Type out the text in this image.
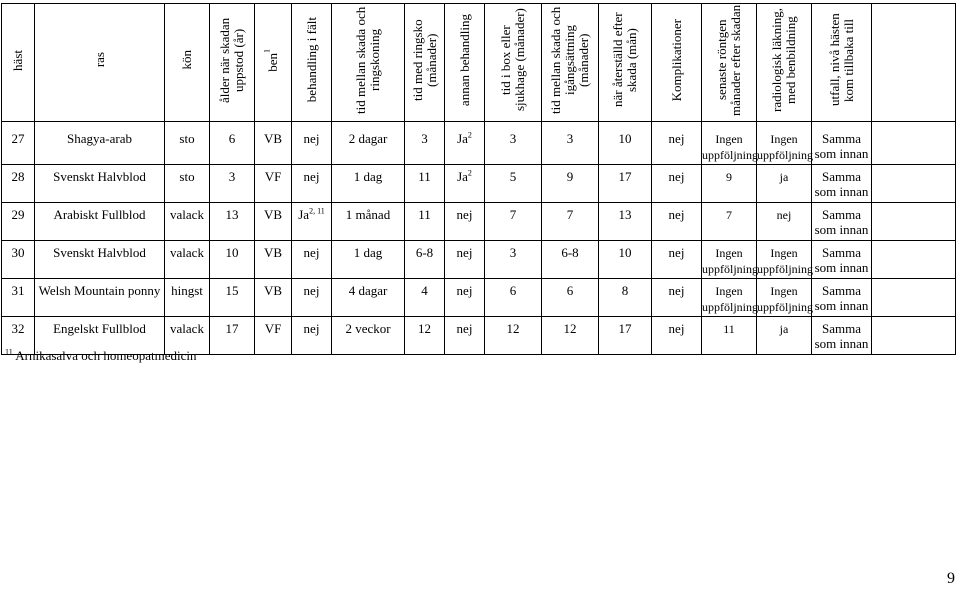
häst	ras	kön	ålder när skadan uppstod (år)	ben$^1$	behandling i fält	tid mellan skada och ringskoning	tid med ringsko (månader)	annan behandling	tid i box eller sjukhage (månader)	tid mellan skada och igångsättning (månader)	när återställd efter skada (mån)	Komplikationer	senaste röntgen månader efter skadan	radiologisk läkning, med benbildning	utfall, nivå hästen kom tillbaka till	
27	Shagya-arab	sto	6	VB	nej	2 dagar	3	Ja$^2$	3	3	10	nej	Ingen uppföljning	Ingen uppföljning	Samma som innan	
28	Svenskt Halvblod	sto	3	VF	nej	1 dag	11	Ja$^2$	5	9	17	nej	9	ja	Samma som innan	
29	Arabiskt Fullblod	valack	13	VB	Ja$^{2, 11}$	1 månad	11	nej	7	7	13	nej	7	nej	Samma som innan	
30	Svenskt Halvblod	valack	10	VB	nej	1 dag	6-8	nej	3	6-8	10	nej	Ingen uppföljning	Ingen uppföljning	Samma som innan	
31	Welsh Mountain ponny	hingst	15	VB	nej	4 dagar	4	nej	6	6	8	nej	Ingen uppföljning	Ingen uppföljning	Samma som innan	
32	Engelskt Fullblod	valack	17	VF	nej	2 veckor	12	nej	12	12	17	nej	11	ja	Samma som innan	
$^{11}$ Arnikasalva och homeopatmedicin
9
